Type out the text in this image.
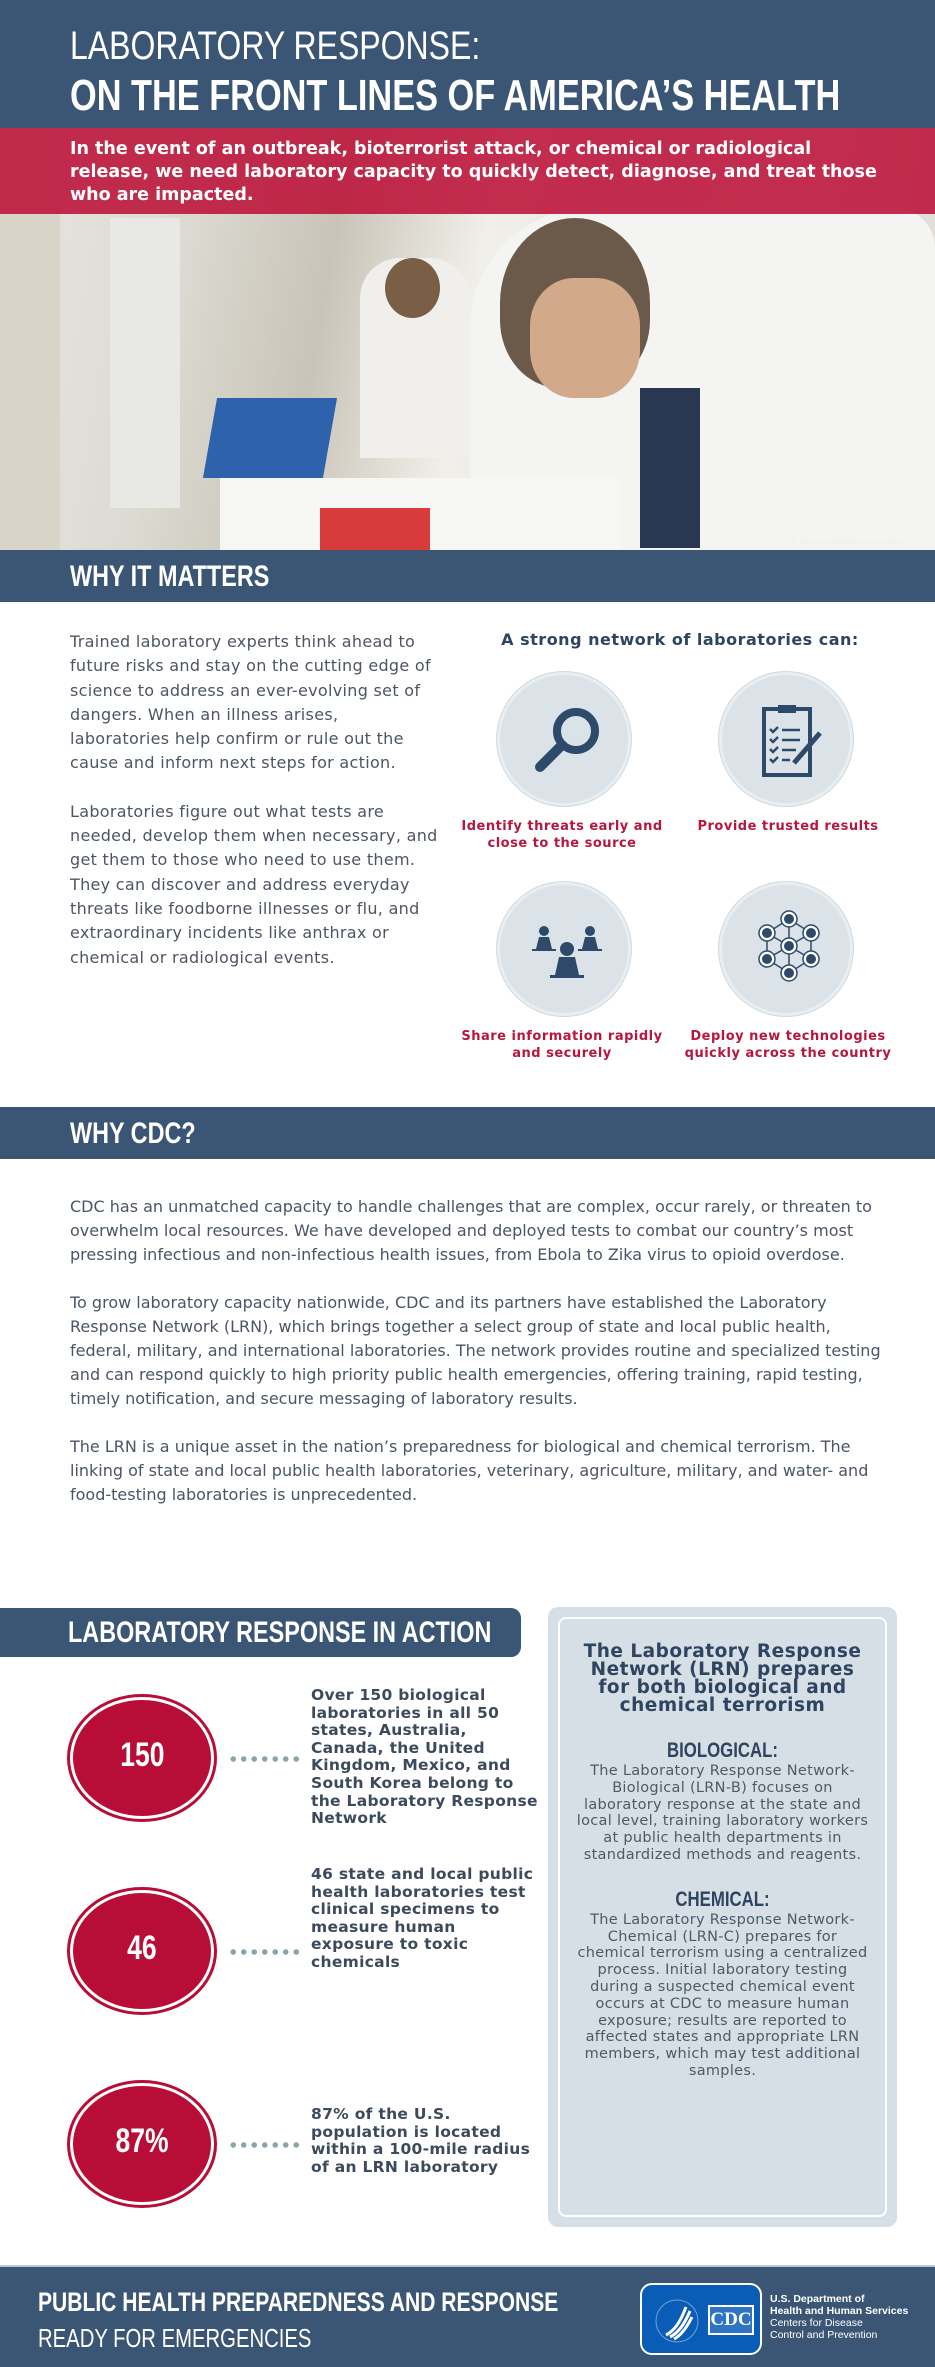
LABORATORY RESPONSE:
ON THE FRONT LINES OF AMERICA’S HEALTH
In the event of an outbreak, bioterrorist attack, or chemical or radiological release, we need laboratory capacity to quickly detect, diagnose, and treat those who are impacted.
© David Snyder/CDC Foundation
WHY IT MATTERS

Trained laboratory experts think ahead to future risks and stay on the cutting edge of science to address an ever-evolving set of dangers. When an illness arises, laboratories help confirm or rule out the cause and inform next steps for action.

Laboratories figure out what tests are needed, develop them when necessary, and get them to those who need to use them. They can discover and address everyday threats like foodborne illnesses or flu, and extraordinary incidents like anthrax or chemical or radiological events.

A strong network of laboratories can:
Identify threats early and close to the source
Provide trusted results
Share information rapidly and securely
Deploy new technologies quickly across the country
WHY CDC?

CDC has an unmatched capacity to handle challenges that are complex, occur rarely, or threaten to overwhelm local resources. We have developed and deployed tests to combat our country’s most pressing infectious and non-infectious health issues, from Ebola to Zika virus to opioid overdose.

To grow laboratory capacity nationwide, CDC and its partners have established the Laboratory Response Network (LRN), which brings together a select group of state and local public health, federal, military, and international laboratories. The network provides routine and specialized testing and can respond quickly to high priority public health emergencies, offering training, rapid testing, timely notification, and secure messaging of laboratory results.

The LRN is a unique asset in the nation’s preparedness for biological and chemical terrorism. The linking of state and local public health laboratories, veterinary, agriculture, military, and water- and food-testing laboratories is unprecedented.

LABORATORY RESPONSE IN ACTION
150
Over 150 biological laboratories in all 50 states, Australia, Canada, the United Kingdom, Mexico, and South Korea belong to the Laboratory Response Network
46
46 state and local public health laboratories test clinical specimens to measure human exposure to toxic chemicals
87%
87% of the U.S. population is located within a 100-mile radius of an LRN laboratory
The Laboratory Response Network (LRN) prepares for both biological and chemical terrorism
BIOLOGICAL:
The Laboratory Response Network-Biological (LRN-B) focuses on laboratory response at the state and local level, training laboratory workers at public health departments in standardized methods and reagents.
CHEMICAL:
The Laboratory Response Network-Chemical (LRN-C) prepares for chemical terrorism using a centralized process. Initial laboratory testing during a suspected chemical event occurs at CDC to measure human exposure; results are reported to affected states and appropriate LRN members, which may test additional samples.
PUBLIC HEALTH PREPAREDNESS AND RESPONSE
READY FOR EMERGENCIES
CDC
U.S. Department of
Health and Human Services
Centers for Disease
Control and Prevention
